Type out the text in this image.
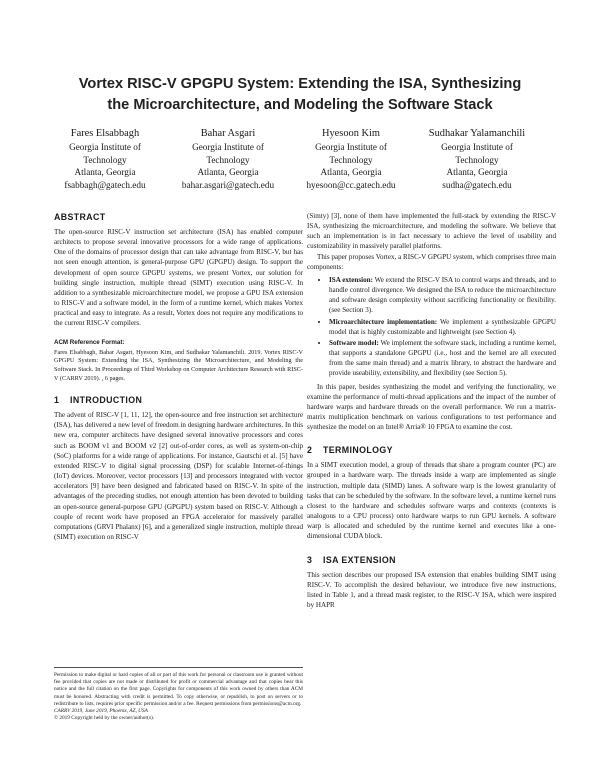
Vortex RISC-V GPGPU System: Extending the ISA, Synthesizing
the Microarchitecture, and Modeling the Software Stack
Fares Elsabbagh
Georgia Institute of
Technology
Atlanta, Georgia
fsabbagh@gatech.edu
Bahar Asgari
Georgia Institute of
Technology
Atlanta, Georgia
bahar.asgari@gatech.edu
Hyesoon Kim
Georgia Institute of
Technology
Atlanta, Georgia
hyesoon@cc.gatech.edu
Sudhakar Yalamanchili
Georgia Institute of
Technology
Atlanta, Georgia
sudha@gatech.edu
ABSTRACT

The open-source RISC-V instruction set architecture (ISA) has enabled computer architects to propose several innovative processors for a wide range of applications. One of the domains of processor design that can take advantage from RISC-V, but has not seen enough attention, is general-purpose GPU (GPGPU) design. To support the development of open source GPGPU systems, we present Vortex, our solution for building single instruction, multiple thread (SIMT) execution using RISC-V. In addition to a synthesizable microarchitecture model, we propose a GPU ISA extension to RISC-V and a software model, in the form of a runtime kernel, which makes Vortex practical and easy to integrate. As a result, Vortex does not require any modifications to the current RISC-V compilers.

ACM Reference Format:
Fares Elsabbagh, Bahar Asgari, Hyesoon Kim, and Sudhakar Yalamanchili. 2019. Vortex RISC-V GPGPU System: Extending the ISA, Synthesizing the Microarchitecture, and Modeling the Software Stack. In Proceedings of Third Workshop on Computer Architecture Research with RISC-V (CARRV 2019). , 6 pages.
1 INTRODUCTION

The advent of RISC-V [1, 11, 12], the open-source and free instruction set architecture (ISA), has delivered a new level of freedom in designing hardware architectures. In this new era, computer architects have designed several innovative processors and cores such as BOOM v1 and BOOM v2 [2] out-of-order cores, as well as system-on-chip (SoC) platforms for a wide range of applications. For instance, Gautschi et al. [5] have extended RISC-V to digital signal processing (DSP) for scalable Internet-of-things (IoT) devices. Moreover, vector processors [13] and processors integrated with vector accelerators [9] have been designed and fabricated based on RISC-V. In spite of the advantages of the preceding studies, not enough attention has been devoted to building an open-source general-purpose GPU (GPGPU) system based on RISC-V. Although a couple of recent work have proposed an FPGA accelerator for massively parallel computations (GRVI Phalanx) [6], and a generalized single instruction, multiple thread (SIMT) execution on RISC-V

Permission to make digital or hard copies of all or part of this work for personal or classroom use is granted without fee provided that copies are not made or distributed for profit or commercial advantage and that copies bear this notice and the full citation on the first page. Copyrights for components of this work owned by others than ACM must be honored. Abstracting with credit is permitted. To copy otherwise, or republish, to post on servers or to redistribute to lists, requires prior specific permission and/or a fee. Request permissions from permissions@acm.org.

CARRV 2019, June 2019, Phoenix, AZ, USA
© 2019 Copyright held by the owner/author(s).

(Simty) [3], none of them have implemented the full-stack by extending the RISC-V ISA, synthesizing the microarchitecture, and modeling the software. We believe that such an implementation is in fact necessary to achieve the level of usability and customizability in massively parallel platforms.

This paper proposes Vortex, a RISC-V GPGPU system, which comprises three main components:

• ISA extension: We extend the RISC-V ISA to control warps and threads, and to handle control divergence. We designed the ISA to reduce the microarchitecture and software design complexity without sacrificing functionality or flexibility. (see Section 3).
• Microarchitecture implementation: We implement a synthesizable GPGPU model that is highly customizable and lightweight (see Section 4).
• Software model: We implement the software stack, including a runtime kernel, that supports a standalone GPGPU (i.e., host and the kernel are all executed from the same main thread) and a matrix library, to abstract the hardware and provide useability, extensibility, and flexibility (see Section 5).

In this paper, besides synthesizing the model and verifying the functionality, we examine the performance of multi-thread applications and the impact of the number of hardware warps and hardware threads on the overall performance. We run a matrix-matrix multiplication benchmark on various configurations to test performance and synthesize the model on an Intel® Arria® 10 FPGA to examine the cost.

2 TERMINOLOGY

In a SIMT execution model, a group of threads that share a program counter (PC) are grouped in a hardware warp. The threads inside a warp are implemented as single instruction, multiple data (SIMD) lanes. A software warp is the lowest granularity of tasks that can be scheduled by the software. In the software level, a runtime kernel runs closest to the hardware and schedules software warps and contexts (contexts is analogous to a CPU process) onto hardware warps to run GPU kernels. A software warp is allocated and scheduled by the runtime kernel and executes like a one-dimensional CUDA block.

3 ISA EXTENSION

This section describes our proposed ISA extension that enables building SIMT using RISC-V. To accomplish the desired behaviour, we introduce five new instructions, listed in Table 1, and a thread mask register, to the RISC-V ISA, which were inspired by HAPR
